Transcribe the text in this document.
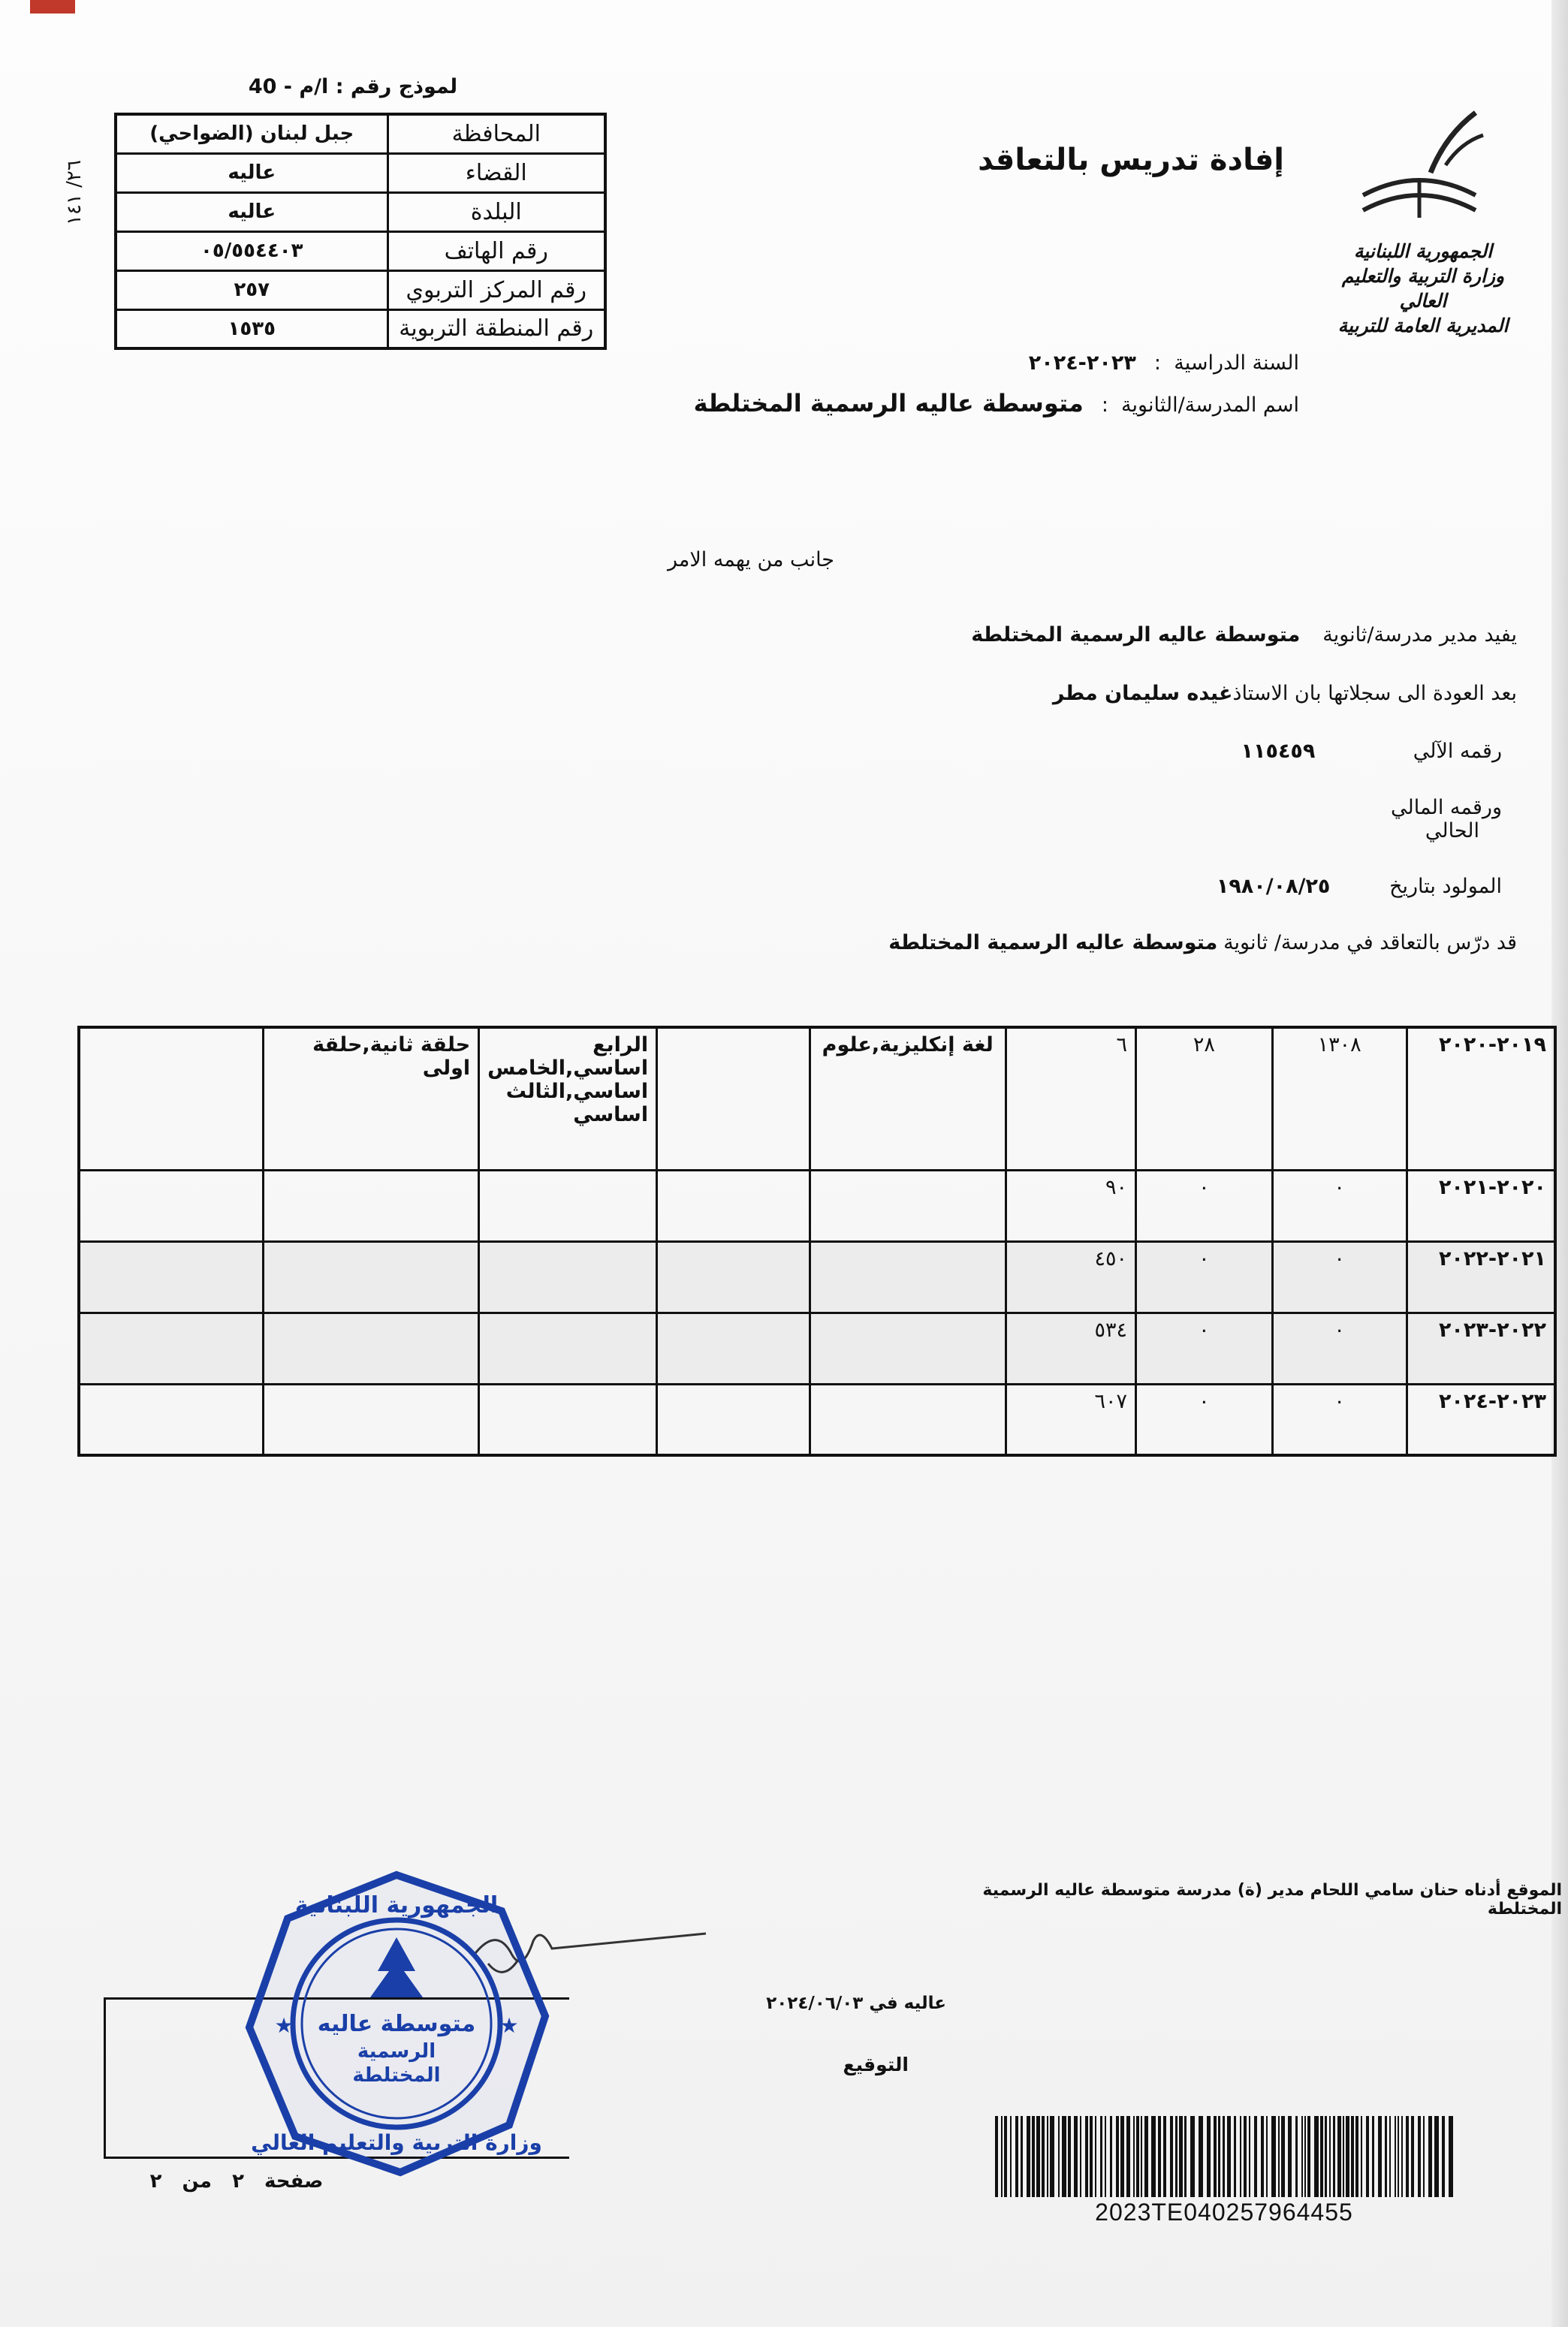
لموذج رقم : ا/م - 40
المحافظة	جبل لبنان (الضواحي)
القضاء	عاليه
البلدة	عاليه
رقم الهاتف	٠٥/٥٥٤٤٠٣
رقم المركز التربوي	٢٥٧
رقم المنطقة التربوية	١٥٣٥
٢٦/ ١٤١
الجمهورية اللبنانية
وزارة التربية والتعليم العالي
المديرية العامة للتربية
إفادة تدريس بالتعاقد
السنة الدراسية : ٢٠٢٣-٢٠٢٤
اسم المدرسة/الثانوية : متوسطة عاليه الرسمية المختلطة
جانب من يهمه الامر
يفيد مدير مدرسة/ثانوية متوسطة عاليه الرسمية المختلطة
بعد العودة الى سجلاتها بان الاستاذ غيده سليمان مطر
رقمه الآلي ١١٥٤٥٩
ورقمه المالي
الحالي
المولود بتاريخ ١٩٨٠/٠٨/٢٥
قد درّس بالتعاقد في مدرسة/ ثانوية متوسطة عاليه الرسمية المختلطة
٢٠١٩-٢٠٢٠	١٣٠٨	٢٨	٦	لغة إنكليزية,علوم		الرابع اساسي,الخامس اساسي,الثالث اساسي	حلقة ثانية,حلقة اولى	
٢٠٢٠-٢٠٢١	٠	٠	٩٠					
٢٠٢١-٢٠٢٢	٠	٠	٤٥٠					
٢٠٢٢-٢٠٢٣	٠	٠	٥٣٤					
٢٠٢٣-٢٠٢٤	٠	٠	٦٠٧					
الموقع أدناه حنان سامي اللحام مدير (ة) مدرسة متوسطة عاليه الرسمية المختلطة
عاليه في ٢٠٢٤/٠٦/٠٣
التوقيع
متوسطة عاليه
الرسمية
المختلطة
الجمهورية اللبنانية
وزارة التربية والتعليم العالي
★	★
صفحة ٢ من ٢
2023TE040257964455
